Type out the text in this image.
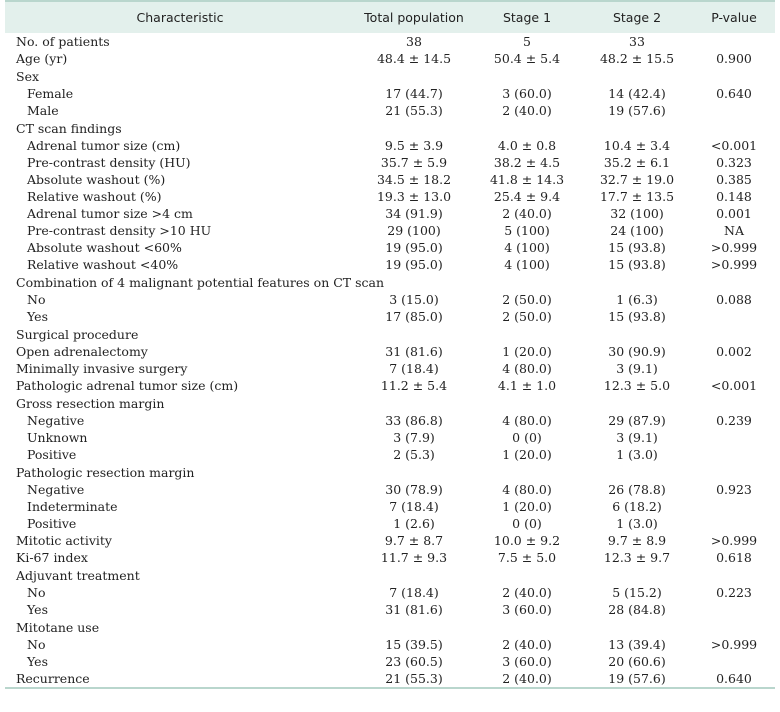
Characteristic	Total population	Stage 1	Stage 2	P-value
No. of patients	38	5	33	
Age (yr)	48.4 ± 14.5	50.4 ± 5.4	48.2 ± 15.5	0.900
Sex				
Female	17 (44.7)	3 (60.0)	14 (42.4)	0.640
Male	21 (55.3)	2 (40.0)	19 (57.6)	
CT scan findings				
Adrenal tumor size (cm)	9.5 ± 3.9	4.0 ± 0.8	10.4 ± 3.4	<0.001
Pre-contrast density (HU)	35.7 ± 5.9	38.2 ± 4.5	35.2 ± 6.1	0.323
Absolute washout (%)	34.5 ± 18.2	41.8 ± 14.3	32.7 ± 19.0	0.385
Relative washout (%)	19.3 ± 13.0	25.4 ± 9.4	17.7 ± 13.5	0.148
Adrenal tumor size >4 cm	34 (91.9)	2 (40.0)	32 (100)	0.001
Pre-contrast density >10 HU	29 (100)	5 (100)	24 (100)	NA
Absolute washout <60%	19 (95.0)	4 (100)	15 (93.8)	>0.999
Relative washout <40%	19 (95.0)	4 (100)	15 (93.8)	>0.999
Combination of 4 malignant potential features on CT scan				
No	3 (15.0)	2 (50.0)	1 (6.3)	0.088
Yes	17 (85.0)	2 (50.0)	15 (93.8)	
Surgical procedure				
Open adrenalectomy	31 (81.6)	1 (20.0)	30 (90.9)	0.002
Minimally invasive surgery	7 (18.4)	4 (80.0)	3 (9.1)	
Pathologic adrenal tumor size (cm)	11.2 ± 5.4	4.1 ± 1.0	12.3 ± 5.0	<0.001
Gross resection margin				
Negative	33 (86.8)	4 (80.0)	29 (87.9)	0.239
Unknown	3 (7.9)	0 (0)	3 (9.1)	
Positive	2 (5.3)	1 (20.0)	1 (3.0)	
Pathologic resection margin				
Negative	30 (78.9)	4 (80.0)	26 (78.8)	0.923
Indeterminate	7 (18.4)	1 (20.0)	6 (18.2)	
Positive	1 (2.6)	0 (0)	1 (3.0)	
Mitotic activity	9.7 ± 8.7	10.0 ± 9.2	9.7 ± 8.9	>0.999
Ki-67 index	11.7 ± 9.3	7.5 ± 5.0	12.3 ± 9.7	0.618
Adjuvant treatment				
No	7 (18.4)	2 (40.0)	5 (15.2)	0.223
Yes	31 (81.6)	3 (60.0)	28 (84.8)	
Mitotane use				
No	15 (39.5)	2 (40.0)	13 (39.4)	>0.999
Yes	23 (60.5)	3 (60.0)	20 (60.6)	
Recurrence	21 (55.3)	2 (40.0)	19 (57.6)	0.640
